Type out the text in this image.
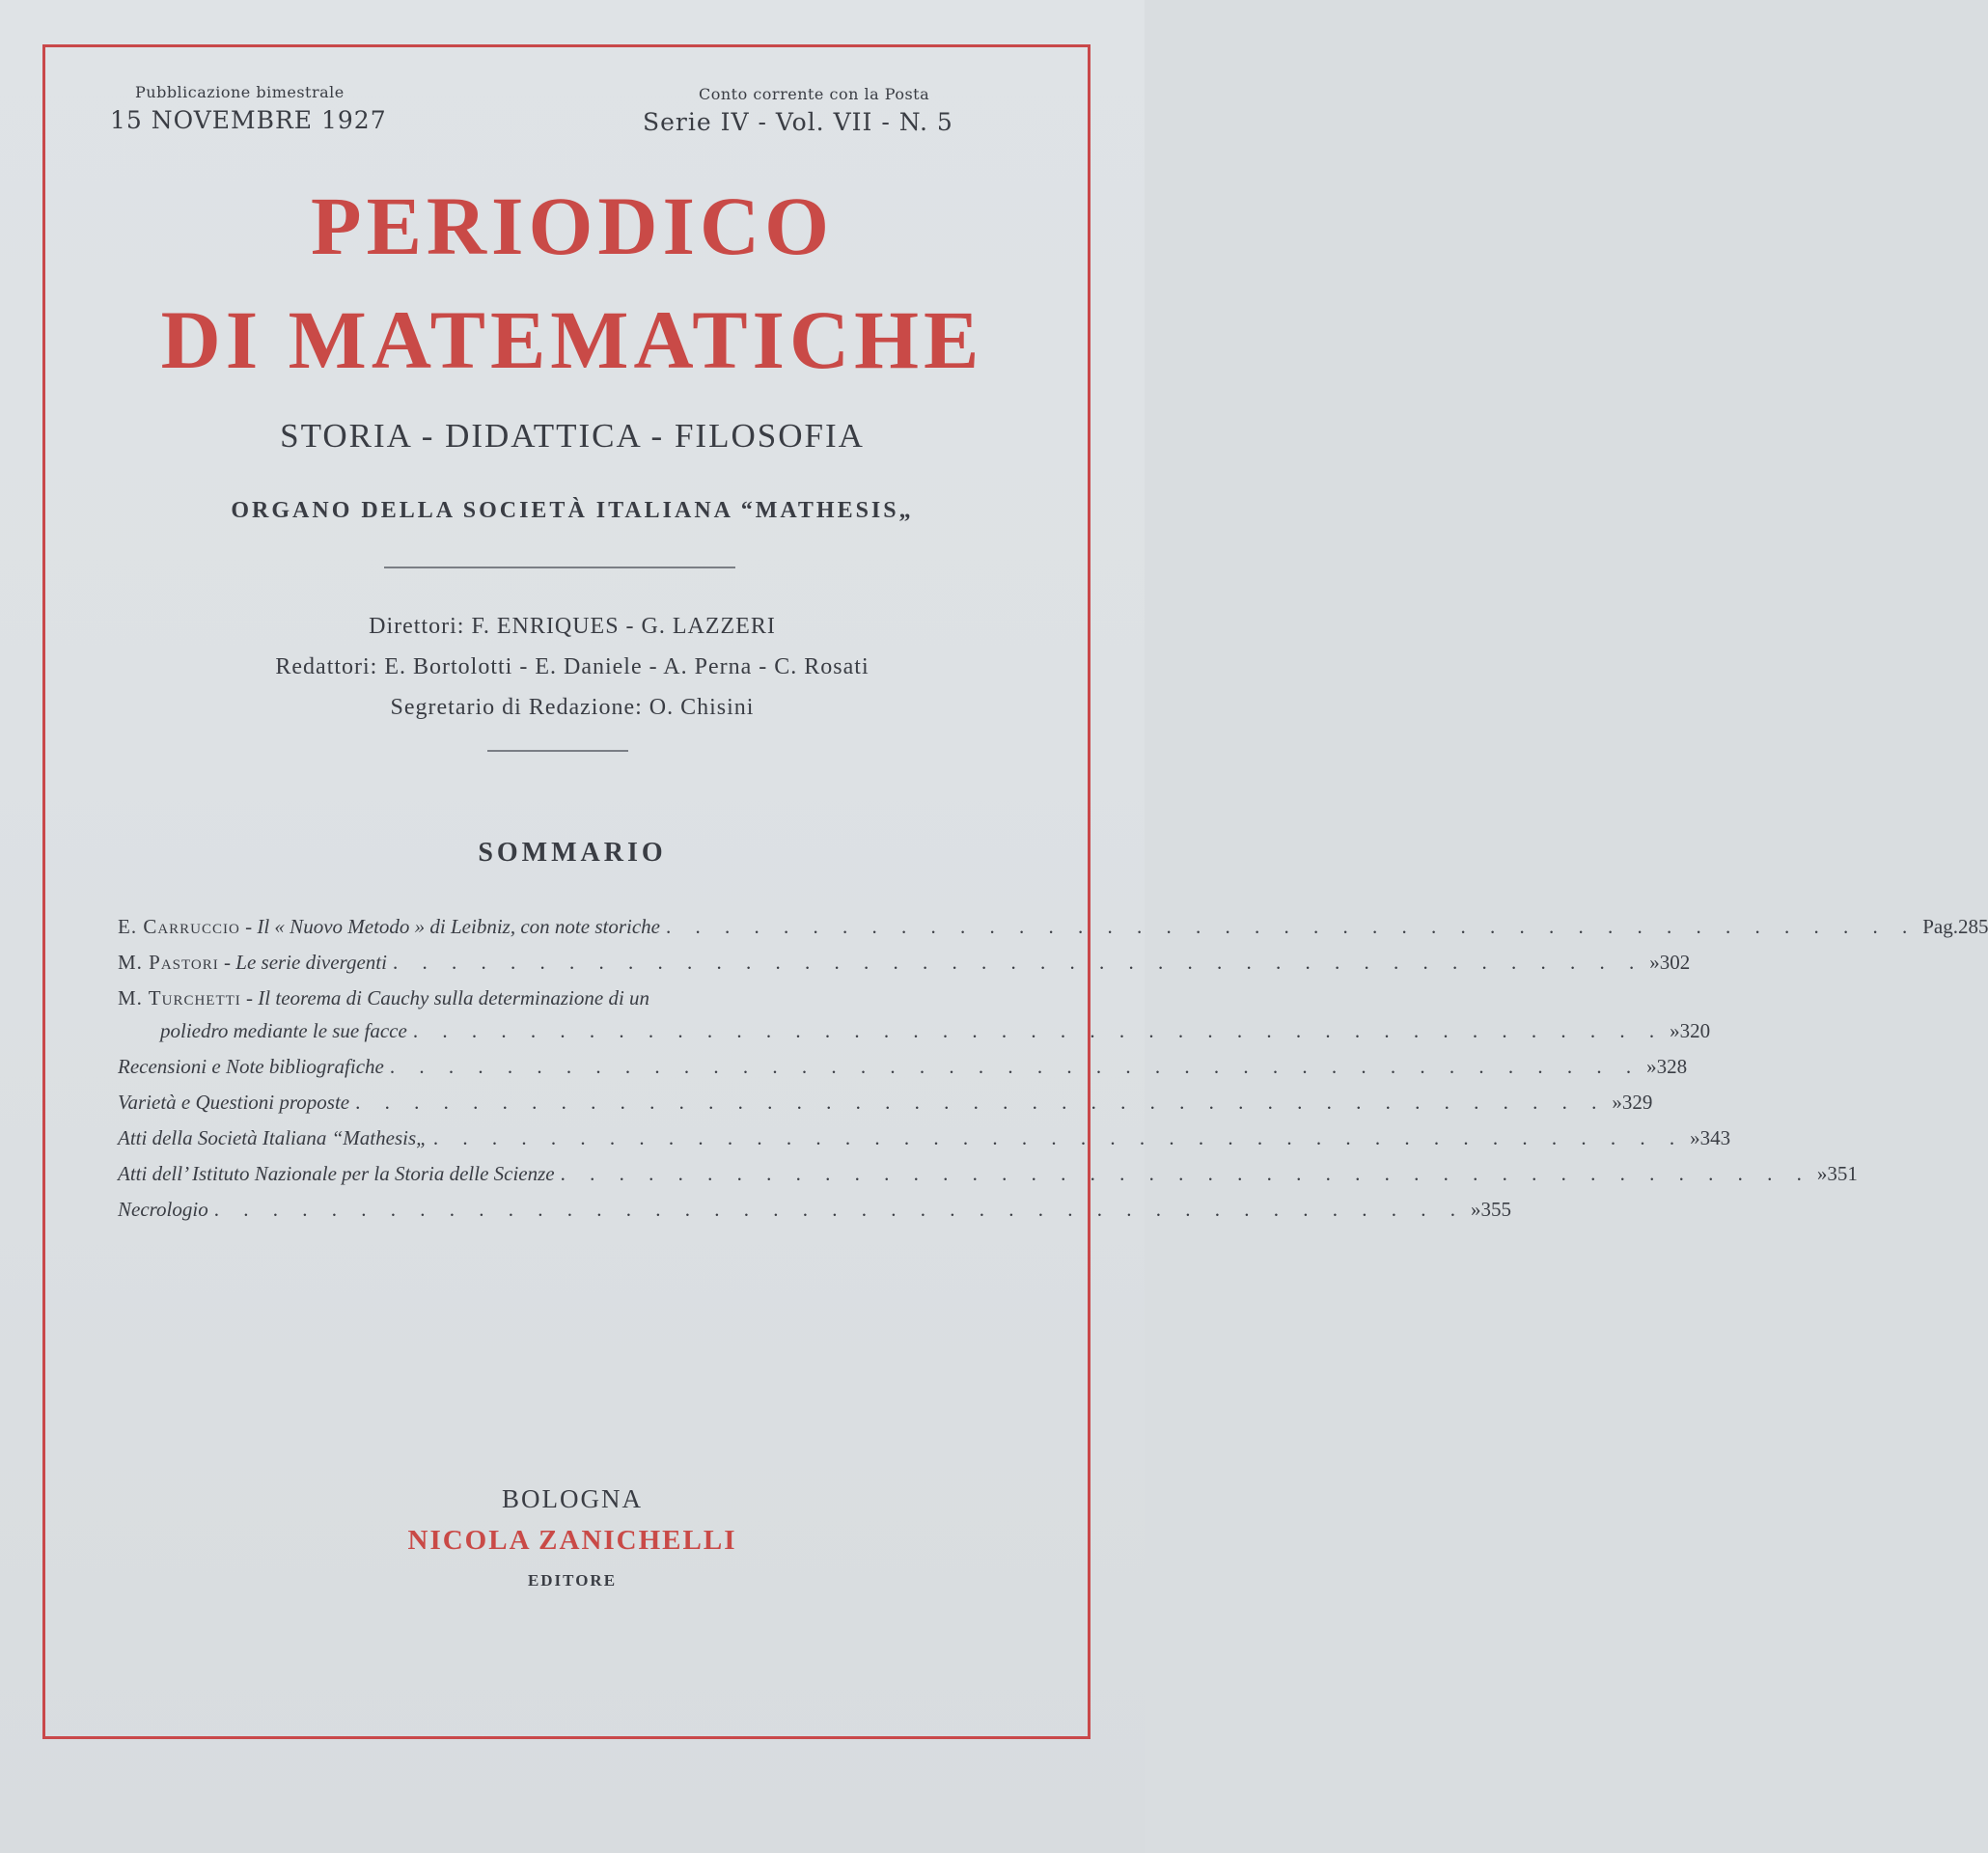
Pubblicazione bimestrale
15 NOVEMBRE 1927
Conto corrente con la Posta
Serie IV - Vol. VII - N. 5
PERIODICO
DI MATEMATICHE
STORIA - DIDATTICA - FILOSOFIA
ORGANO DELLA SOCIETÀ ITALIANA “MATHESIS„
Direttori: F. ENRIQUES - G. LAZZERI
Redattori: E. Bortolotti - E. Daniele - A. Perna - C. Rosati
Segretario di Redazione: O. Chisini
SOMMARIO
E. Carruccio - Il « Nuovo Metodo » di Leibniz, con note storiche . . . . . . . . . . . . . . . . . . . . . . . . . . . . . . . . . . . . . . . . . . . Pag. 285
M. Pastori - Le serie divergenti . . . . . . . . . . . . . . . . . . . . . . . . . . . . . . . . . . . . . . . . . . . » 302
M. Turchetti - Il teorema di Cauchy sulla determinazione di un
poliedro mediante le sue facce . . . . . . . . . . . . . . . . . . . . . . . . . . . . . . . . . . . . . . . . . . . » 320
Recensioni e Note bibliografiche . . . . . . . . . . . . . . . . . . . . . . . . . . . . . . . . . . . . . . . . . . . » 328
Varietà e Questioni proposte . . . . . . . . . . . . . . . . . . . . . . . . . . . . . . . . . . . . . . . . . . . » 329
Atti della Società Italiana “Mathesis„ . . . . . . . . . . . . . . . . . . . . . . . . . . . . . . . . . . . . . . . . . . . » 343
Atti dell’ Istituto Nazionale per la Storia delle Scienze . . . . . . . . . . . . . . . . . . . . . . . . . . . . . . . . . . . . . . . . . . . » 351
Necrologio . . . . . . . . . . . . . . . . . . . . . . . . . . . . . . . . . . . . . . . . . . . » 355
BOLOGNA
NICOLA ZANICHELLI
EDITORE
